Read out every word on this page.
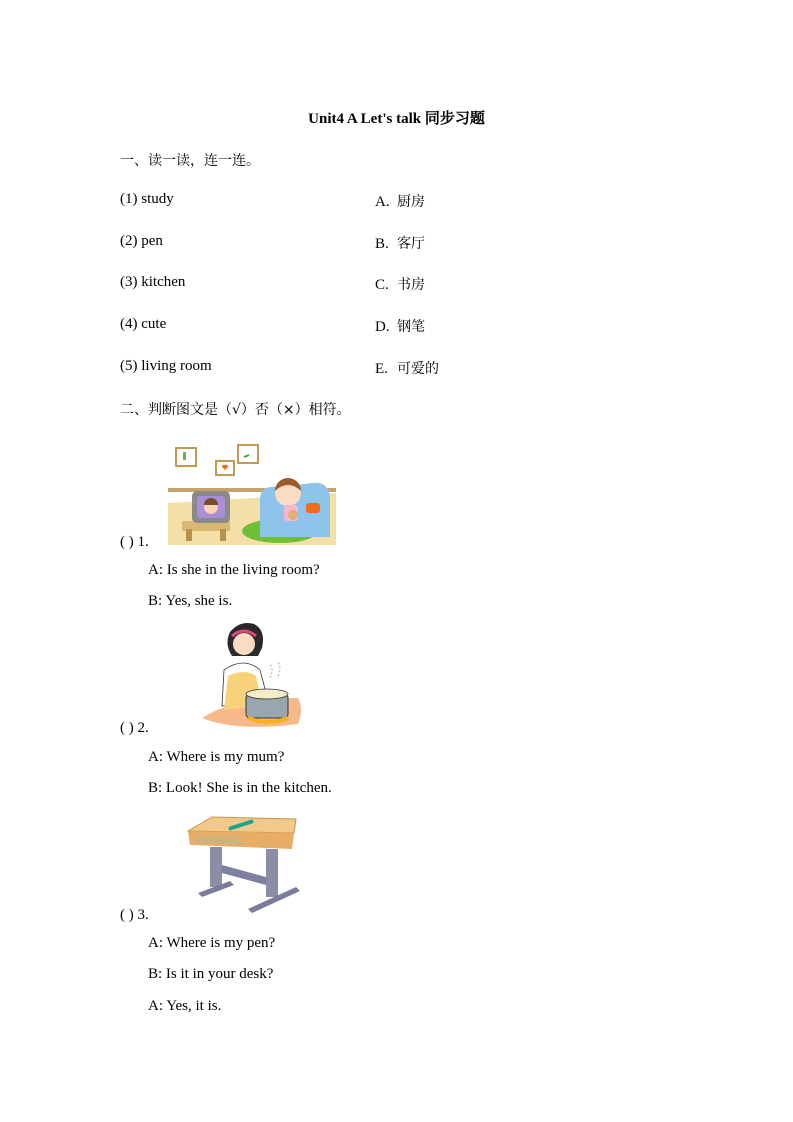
Unit4 A Let's talk 同步习题
一、读一读，连一连。
(1) study
(2) pen
(3) kitchen
(4) cute
(5) living room
A. 厨房
B. 客厅
C. 书房
D. 钢笔
E. 可爱的
二、判断图文是（√）否（×）相符。
( ) 1.
A: Is she in the living room?
B: Yes, she is.
( ) 2.
A: Where is my mum?
B: Look! She is in the kitchen.
( ) 3.
A: Where is my pen?
B: Is it in your desk?
A: Yes, it is.
